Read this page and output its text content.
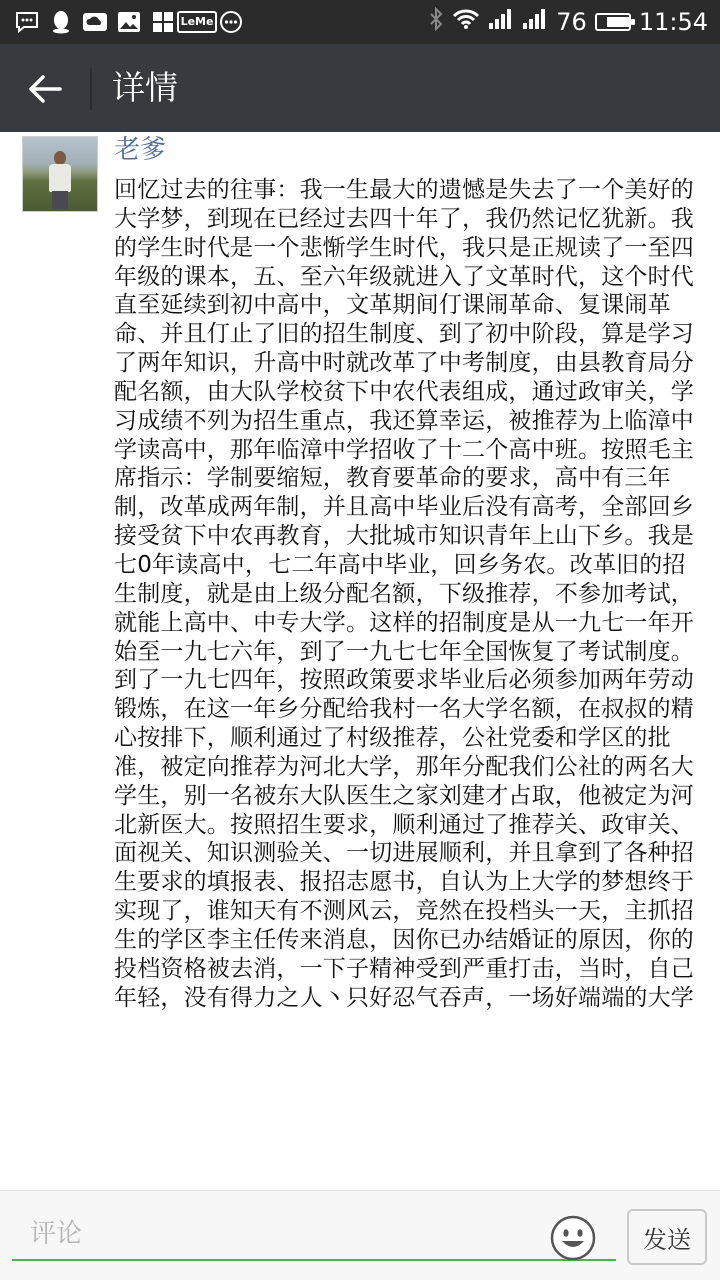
LeMe	76 11:54
详情
老爹
回忆过去的往事：我一生最大的遗憾是失去了一个美好的大学梦，到现在已经过去四十年了，我仍然记忆犹新。我的学生时代是一个悲惭学生时代，我只是正规读了一至四年级的课本，五、至六年级就进入了文革时代，这个时代直至延续到初中高中，文革期间仃课闹革命、复课闹革命、并且仃止了旧的招生制度、到了初中阶段，算是学习了两年知识，升高中时就改革了中考制度，由县教育局分配名额，由大队学校贫下中农代表组成，通过政审关，学习成绩不列为招生重点，我还算幸运，被推荐为上临漳中学读高中，那年临漳中学招收了十二个高中班。按照毛主席指示：学制要缩短，教育要革命的要求，高中有三年制，改革成两年制，并且高中毕业后没有高考，全部回乡接受贫下中农再教育，大批城市知识青年上山下乡。我是七0年读高中，七二年高中毕业，回乡务农。改革旧的招生制度，就是由上级分配名额，下级推荐，不参加考试，就能上高中、中专大学。这样的招制度是从一九七一年开始至一九七六年，到了一九七七年全国恢复了考试制度。到了一九七四年，按照政策要求毕业后必须参加两年劳动锻炼，在这一年乡分配给我村一名大学名额，在叔叔的精心按排下，顺利通过了村级推荐，公社党委和学区的批准，被定向推荐为河北大学，那年分配我们公社的两名大学生，别一名被东大队医生之家刘建才占取，他被定为河北新医大。按照招生要求，顺利通过了推荐关、政审关、面视关、知识测验关、一切进展顺利，并且拿到了各种招生要求的填报表、报招志愿书，自认为上大学的梦想终于实现了，谁知天有不测风云，竞然在投档头一天，主抓招生的学区李主任传来消息，因你已办结婚证的原因，你的投档资格被去消，一下子精神受到严重打击，当时，自己年轻，没有得力之人丶只好忍气吞声，一场好端端的大学
评论
发送
